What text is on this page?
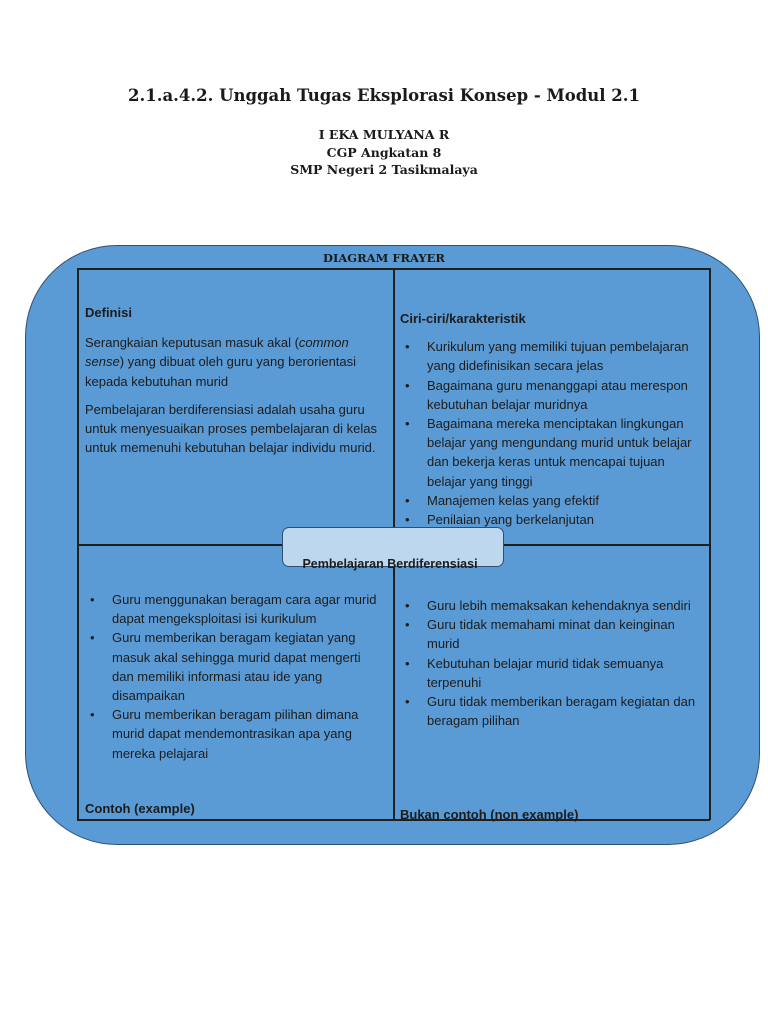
2.1.a.4.2. Unggah Tugas Eksplorasi Konsep - Modul 2.1
I EKA MULYANA R
CGP Angkatan 8
SMP Negeri 2 Tasikmalaya
DIAGRAM FRAYER

Definisi

Serangkaian keputusan masuk akal (common sense) yang dibuat oleh guru yang berorientasi kepada kebutuhan murid

Pembelajaran berdiferensiasi adalah usaha guru untuk menyesuaikan proses pembelajaran di kelas untuk memenuhi kebutuhan belajar individu murid.

Ciri-ciri/karakteristik

• Kurikulum yang memiliki tujuan pembelajaran yang didefinisikan secara jelas
• Bagaimana guru menanggapi atau merespon kebutuhan belajar muridnya
• Bagaimana mereka menciptakan lingkungan belajar yang mengundang murid untuk belajar dan bekerja keras untuk mencapai tujuan belajar yang tinggi
• Manajemen kelas yang efektif
• Penilaian yang berkelanjutan
Pembelajaran Berdiferensiasi
• Guru menggunakan beragam cara agar murid dapat mengeksploitasi isi kurikulum
• Guru memberikan beragam kegiatan yang masuk akal sehingga murid dapat mengerti dan memiliki informasi atau ide yang disampaikan
• Guru memberikan beragam pilihan dimana murid dapat mendemontrasikan apa yang mereka pelajarai
Contoh (example)
• Guru lebih memaksakan kehendaknya sendiri
• Guru tidak memahami minat dan keinginan murid
• Kebutuhan belajar murid tidak semuanya terpenuhi
• Guru tidak memberikan beragam kegiatan dan beragam pilihan
Bukan contoh (non example)
